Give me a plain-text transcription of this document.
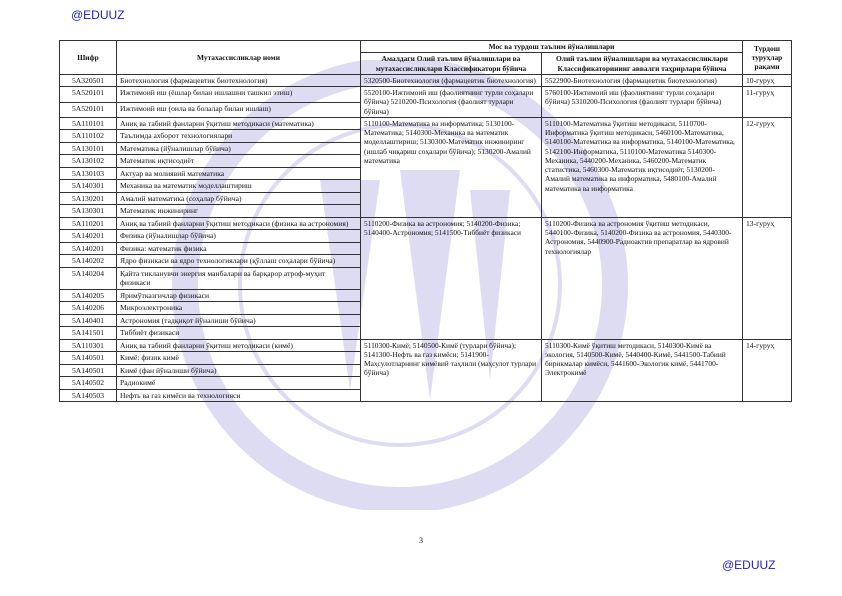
@EDUUZ
Шифр	Мутахассисликлар номи	Мос ва турдош таълим йўналишлари		Турдош туруҳлар рақами
		Амалдаги Олий таълим йўналишлари ва мутахассисликлари Классификатори бўйича	Олий таълим йўналишлари ва мутахассисликлари Классификаторининг аввалги таҳрирлари бўйича	
5А320501	Биотехнология (фармацевтик биотехнология)	5320500-Биотехнология (фармацевтик биотехнология)	5522900-Биотехнология (фармацевтик биотехнология)	10-гуруҳ
5А520101	Ижтимоий иш (ёшлар билан ишлашни ташкил этиш)	5520100-Ижтимоий иш (фаолиятнинг турли соҳалари бўйича) 5210200-Психология (фаолият турлари бўйича)	5760100-Ижтимоий иш (фаолиятнинг турли соҳалари бўйича) 5310200-Психология (фаолият турлари бўйича)	11-гуруҳ
5А520101	Ижтимоий иш (оила ва болалар билан ишлаш)			
5А110101	Аниқ ва табиий фанларни ўқитиш методикаси (математика)	5110100-Математика ва информатика; 5130100-Математика; 5140300-Механика ва математик моделлаштириш; 5130300-Математик инжиниринг (ишлаб чиқариш соҳалари бўйича); 5130200-Амалий математика	5110100-Математика ўқитиш методикаси, 5110700-Информатика ўқитиш методикаси, 5460100-Математика, 5140100-Математика ва информатика, 5140100-Математика, 5142100-Информатика, 5110100-Математика 5140300-Механика, 5440200-Механика, 5460200-Математик статистика, 5460300-Математик иқтисодиёт, 5130200-Амалий математика ва информатика, 5480100-Амалий математика ва информатика	12-гуруҳ
5А110102	Таълимда ахборот технологиялари			
5А130101	Математика (йўналишлар бўйича)			
5А130102	Математик иқтисодиёт			
5А130103	Актуар ва молиявий математика			
5А140301	Механика ва математик моделлаштириш			
5А130201	Амалий математика (соҳалар бўйича)			
5А130301	Математик инжиниринг			
5А110201	Аниқ ва табиий фанларни ўқитиш методикаси (физика ва астрономия)	5110200-Физика ва астрономия; 5140200-Физика; 5140400-Астрономия; 5141500-Тиббиёт физикаси	5110200-Физика ва астрономия ўқитиш методикаси, 5440100-Физика, 5140200-Физика ва астрономия, 5440300-Астрономия, 5440900-Радиоактив препаратлар ва ядровий технологиялар	13-гуруҳ
5А140201	Физика (йўналишлар бўйича)			
5А140201	Физика: математик физика			
5А140202	Ядро физикаси ва ядро технологиялари (қўллаш соҳалари бўйича)			
5А140204	Қайта тикланувчи энергия манбалари ва барқарор атроф-муҳит физикаси			
5А140205	Яримўтказгичлар физикаси			
5А140206	Микроэлектроника			
5А140401	Астрономия (тадқиқот йўналиши бўйича)			
5А141501	Тиббиёт физикаси			
5А110301	Аниқ ва табиий фанларни ўқитиш методикаси (кимё)	5110300-Кимё; 5140500-Кимё (турлари бўйича); 5141300-Нефть ва газ кимёси; 5141900-Маҳсулотларнинг кимёвий таҳлили (маҳсулот турлари бўйича)	5110300-Кимё ўқитиш методикаси, 5140300-Кимё ва экология, 5140500-Кимё, 5440400-Кимё, 5441500-Табиий бирикмалар кимёси, 5441600-Экологик кимё, 5441700-Электрокимё	14-гуруҳ
5А140501	Кимё: физик кимё			
5А140501	Кимё (фан йўналиши бўйича)			
5А140502	Радиокимё			
5А140503	Нефть ва газ кимёси ва технологияси			
3
@EDUUZ
